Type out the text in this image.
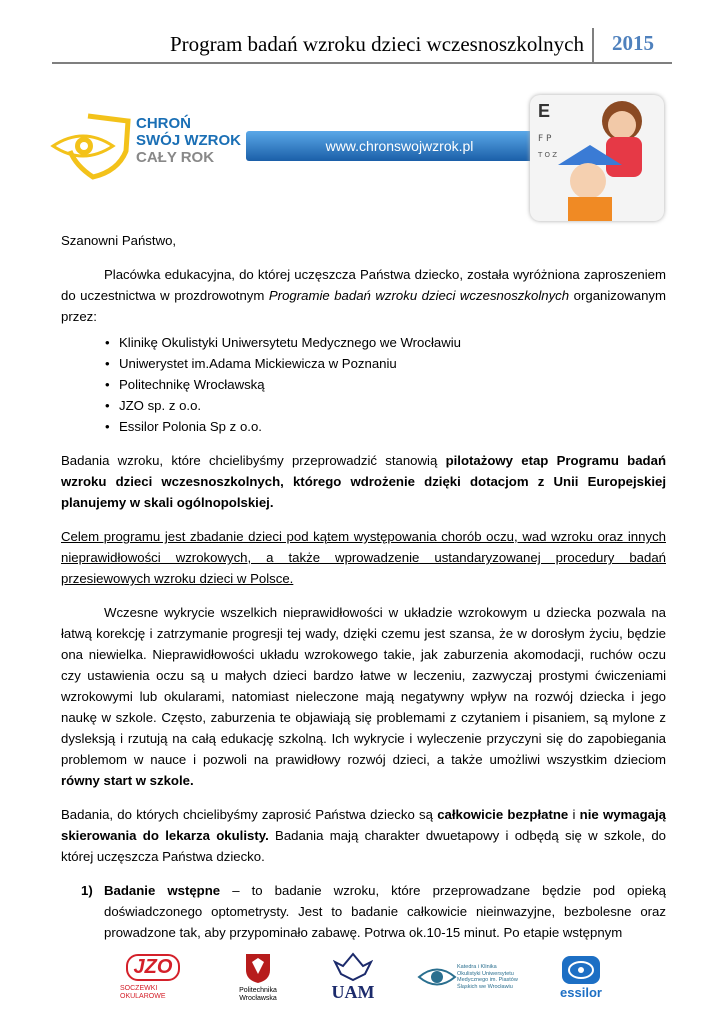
Program badań wzroku dzieci wczesnoszkolnych 2015
CHROŃ
SWÓJ WZROK
CAŁY ROK
www.chronswojwzrok.pl
E
F P
T O Z

Szanowni Państwo,

Placówka edukacyjna, do której uczęszcza Państwa dziecko, została wyróżniona zaproszeniem do uczestnictwa w prozdrowotnym Programie badań wzroku dzieci wczesnoszkolnych organizowanym przez:

• Klinikę Okulistyki Uniwersytetu Medycznego we Wrocławiu
• Uniwerystet im.Adama Mickiewicza w Poznaniu
• Politechnikę Wrocławską
• JZO sp. z o.o.
• Essilor Polonia Sp z o.o.

Badania wzroku, które chcielibyśmy przeprowadzić stanowią pilotażowy etap Programu badań wzroku dzieci wczesnoszkolnych, którego wdrożenie dzięki dotacjom z Unii Europejskiej planujemy w skali ogólnopolskiej.

Celem programu jest zbadanie dzieci pod kątem występowania chorób oczu, wad wzroku oraz innych nieprawidłowości wzrokowych, a także wprowadzenie ustandaryzowanej procedury badań przesiewowych wzroku dzieci w Polsce.

Wczesne wykrycie wszelkich nieprawidłowości w układzie wzrokowym u dziecka pozwala na łatwą korekcję i zatrzymanie progresji tej wady, dzięki czemu jest szansa, że w dorosłym życiu, będzie ona niewielka. Nieprawidłowości układu wzrokowego takie, jak zaburzenia akomodacji, ruchów oczu czy ustawienia oczu są u małych dzieci bardzo łatwe w leczeniu, zazwyczaj prostymi ćwiczeniami wzrokowymi lub okularami, natomiast nieleczone mają negatywny wpływ na rozwój dziecka i jego naukę w szkole. Często, zaburzenia te objawiają się problemami z czytaniem i pisaniem, są mylone z dysleksją i rzutują na całą edukację szkolną. Ich wykrycie i wyleczenie przyczyni się do zapobiegania problemom w nauce i pozwoli na prawidłowy rozwój dzieci, a także umożliwi wszystkim dzieciom równy start w szkole.

Badania, do których chcielibyśmy zaprosić Państwa dziecko są całkowicie bezpłatne i nie wymagają skierowania do lekarza okulisty. Badania mają charakter dwuetapowy i odbędą się w szkole, do której uczęszcza Państwa dziecko.

1) Badanie wstępne – to badanie wzroku, które przeprowadzane będzie pod opieką doświadczonego optometrysty. Jest to badanie całkowicie nieinwazyjne, bezbolesne oraz prowadzone tak, aby przypominało zabawę. Potrwa ok.10-15 minut. Po etapie wstępnym
JZO
SOCZEWKI OKULAROWE
Politechnika Wrocławska	UAM
Katedra i Klinika Okulistyki Uniwersytetu Medycznego im. Piastów Śląskich we Wrocławiu	essilor
